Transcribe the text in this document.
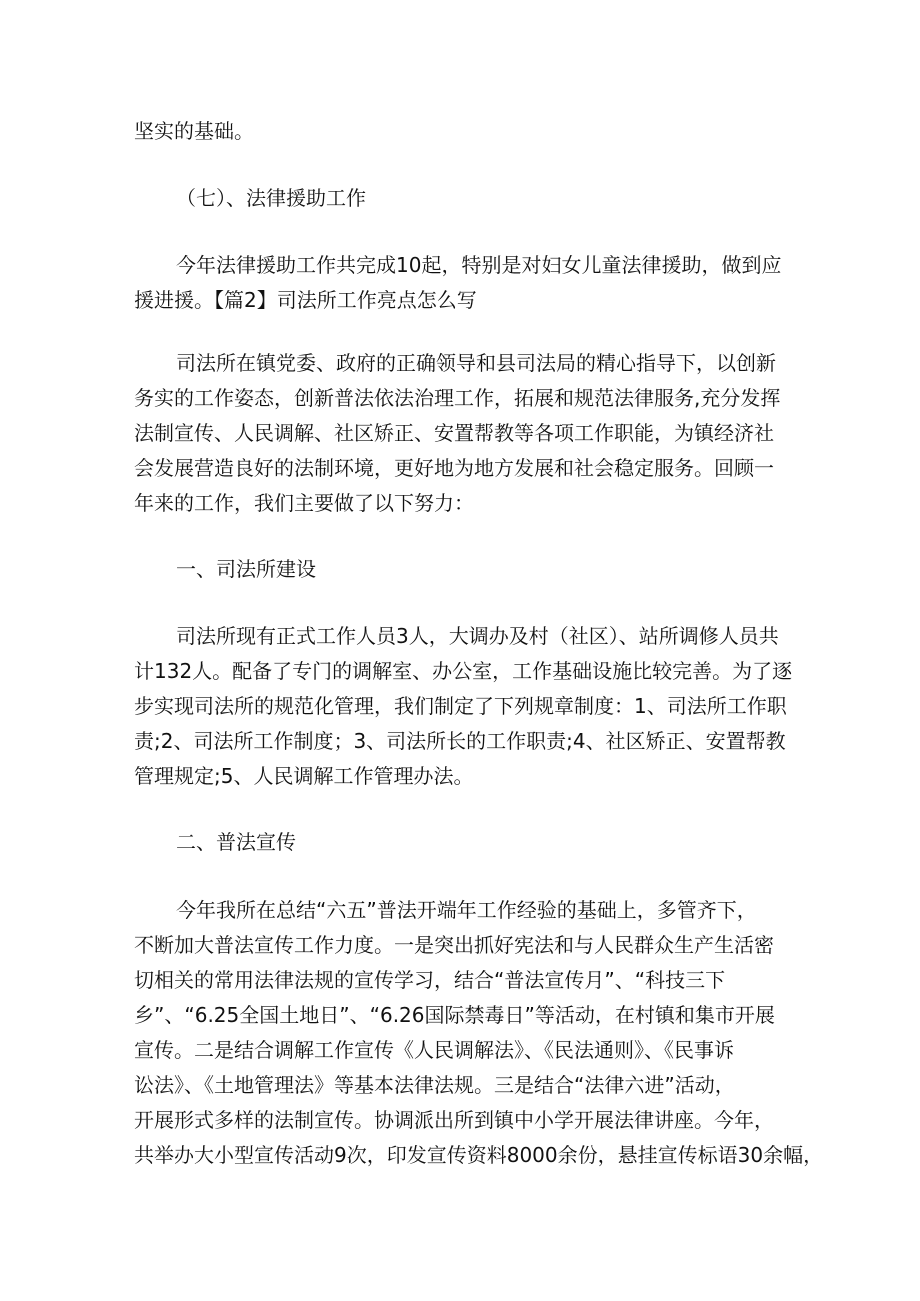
坚实的基础。

（七）、法律援助工作

今年法律援助工作共完成10起，特别是对妇女儿童法律援助，做到应
援进援。【篇2】司法所工作亮点怎么写

司法所在镇党委、政府的正确领导和县司法局的精心指导下，以创新
务实的工作姿态，创新普法依法治理工作，拓展和规范法律服务,充分发挥
法制宣传、人民调解、社区矫正、安置帮教等各项工作职能，为镇经济社
会发展营造良好的法制环境，更好地为地方发展和社会稳定服务。回顾一
年来的工作，我们主要做了以下努力：

一、司法所建设

司法所现有正式工作人员3人，大调办及村（社区）、站所调修人员共
计132人。配备了专门的调解室、办公室，工作基础设施比较完善。为了逐
步实现司法所的规范化管理，我们制定了下列规章制度：1、司法所工作职
责;2、司法所工作制度；3、司法所长的工作职责;4、社区矫正、安置帮教
管理规定;5、人民调解工作管理办法。

二、普法宣传

今年我所在总结“六五”普法开端年工作经验的基础上，多管齐下，
不断加大普法宣传工作力度。一是突出抓好宪法和与人民群众生产生活密
切相关的常用法律法规的宣传学习，结合“普法宣传月”、“科技三下
乡”、“6.25全国土地日”、“6.26国际禁毒日”等活动，在村镇和集市开展
宣传。二是结合调解工作宣传《人民调解法》、《民法通则》、《民事诉
讼法》、《土地管理法》等基本法律法规。三是结合“法律六进”活动，
开展形式多样的法制宣传。协调派出所到镇中小学开展法律讲座。今年，
共举办大小型宣传活动9次，印发宣传资料8000余份，悬挂宣传标语30余幅，
